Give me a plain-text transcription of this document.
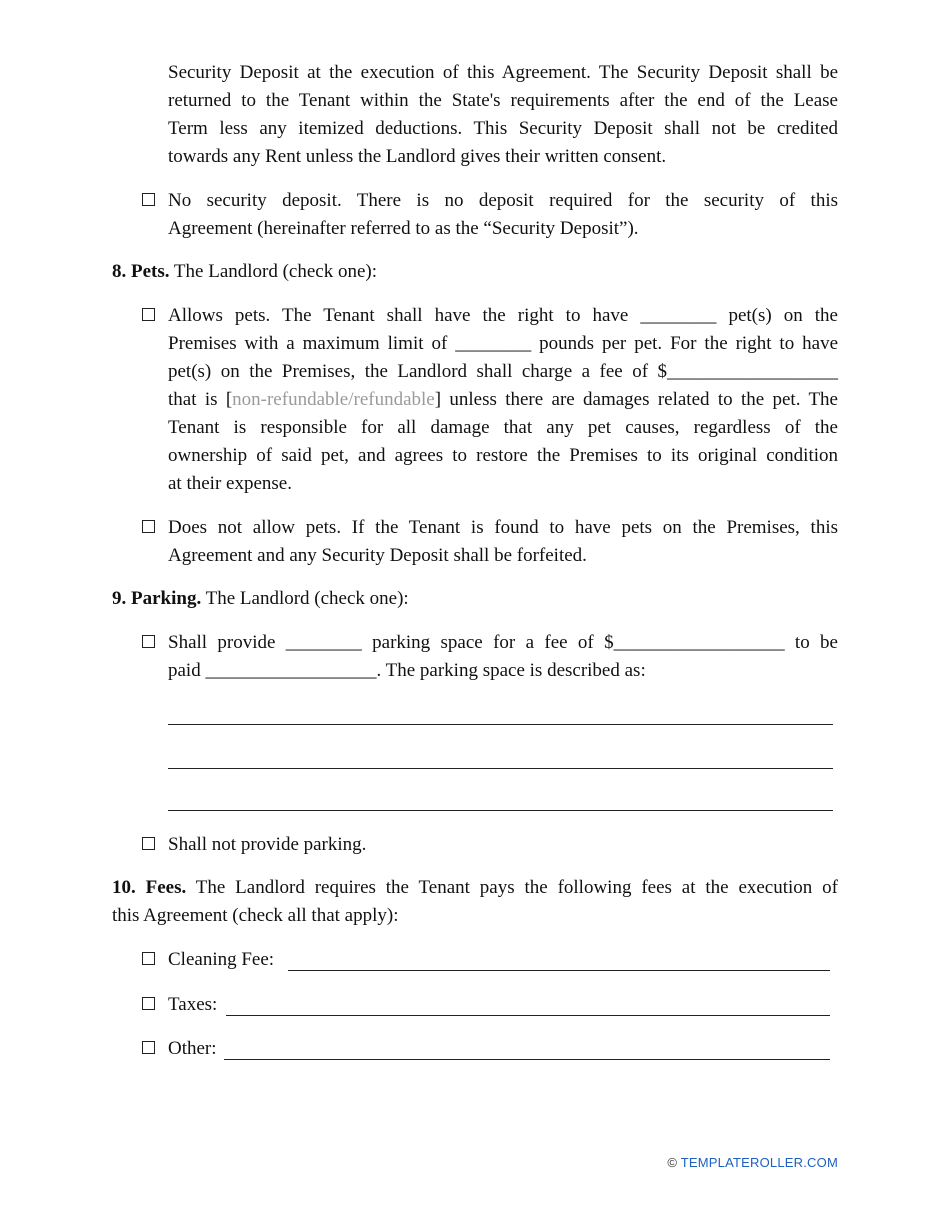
Security Deposit at the execution of this Agreement. The Security Deposit shall be
returned to the Tenant within the State's requirements after the end of the Lease
Term less any itemized deductions. This Security Deposit shall not be credited
towards any Rent unless the Landlord gives their written consent.
No security deposit. There is no deposit required for the security of this
Agreement (hereinafter referred to as the “Security Deposit”).
8. Pets. The Landlord (check one):
Allows pets. The Tenant shall have the right to have ________ pet(s) on the
Premises with a maximum limit of ________ pounds per pet. For the right to have
pet(s) on the Premises, the Landlord shall charge a fee of $__________________
that is [non-refundable/refundable] unless there are damages related to the pet. The
Tenant is responsible for all damage that any pet causes, regardless of the
ownership of said pet, and agrees to restore the Premises to its original condition
at their expense.
Does not allow pets. If the Tenant is found to have pets on the Premises, this
Agreement and any Security Deposit shall be forfeited.
9. Parking. The Landlord (check one):
Shall provide ________ parking space for a fee of $__________________ to be
paid __________________. The parking space is described as:
Shall not provide parking.
10. Fees. The Landlord requires the Tenant pays the following fees at the execution of
this Agreement (check all that apply):
Cleaning Fee:
Taxes:
Other:
© TEMPLATEROLLER.COM
